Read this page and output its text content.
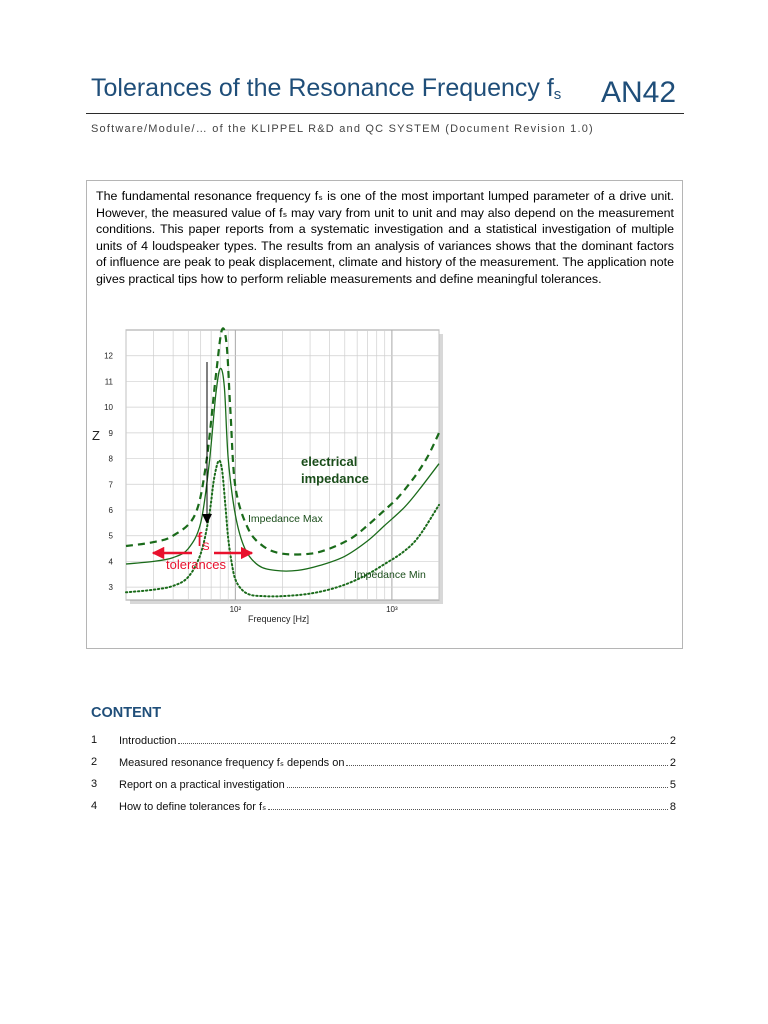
Tolerances of the Resonance Frequency $f_s$ AN42
Software/Module/… of the KLIPPEL R&D and QC SYSTEM (Document Revision 1.0)
The fundamental resonance frequency fₛ is one of the most important lumped parameter of a drive unit. However, the measured value of fₛ may vary from unit to unit and may also depend on the measurement conditions. This paper reports from a systematic investigation and a statistical investigation of multiple units of 4 loudspeaker types. The results from an analysis of variances shows that the dominant factors of influence are peak to peak displacement, climate and history of the measurement. The application note gives practical tips how to perform reliable measurements and define meaningful tolerances.
3
4
5
6
7
8
9
10
11
12
10²	10³
Z
Frequency [Hz]
electrical
impedance
Impedance Max
Impedance Min
$f_S$
tolerances
CONTENT
1 Introduction	2
2 Measured resonance frequency fₛ depends on	2
3 Report on a practical investigation	5
4 How to define tolerances for fₛ	8
